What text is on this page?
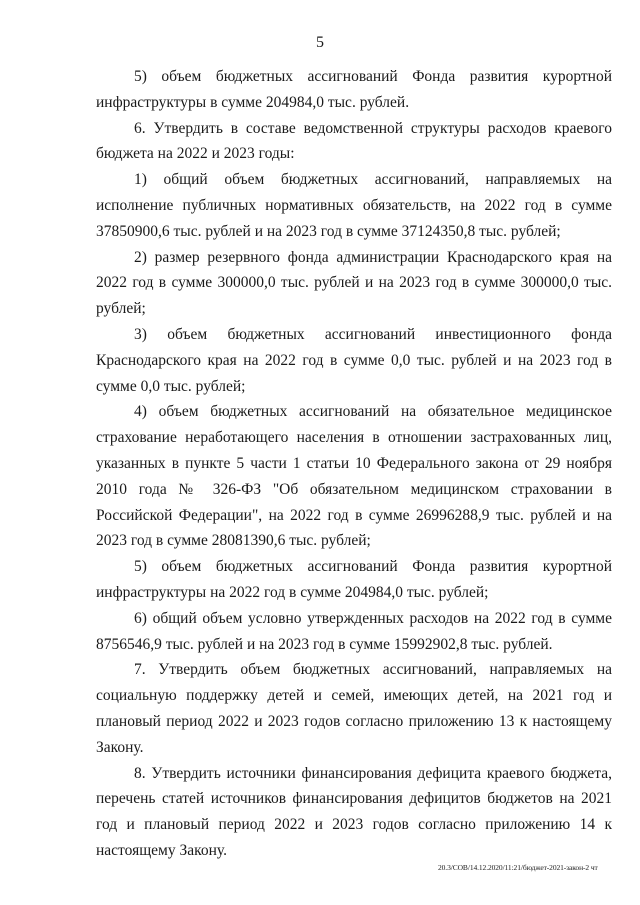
5

5) объем бюджетных ассигнований Фонда развития курортной инфраструктуры в сумме 204984,0 тыс. рублей.

6. Утвердить в составе ведомственной структуры расходов краевого бюджета на 2022 и 2023 годы:

1) общий объем бюджетных ассигнований, направляемых на исполнение публичных нормативных обязательств, на 2022 год в сумме 37850900,6 тыс. рублей и на 2023 год в сумме 37124350,8 тыс. рублей;

2) размер резервного фонда администрации Краснодарского края на 2022 год в сумме 300000,0 тыс. рублей и на 2023 год в сумме 300000,0 тыс. рублей;

3) объем бюджетных ассигнований инвестиционного фонда Краснодарского края на 2022 год в сумме 0,0 тыс. рублей и на 2023 год в сумме 0,0 тыс. рублей;

4) объем бюджетных ассигнований на обязательное медицинское страхование неработающего населения в отношении застрахованных лиц, указанных в пункте 5 части 1 статьи 10 Федерального закона от 29 ноября 2010 года № 326-ФЗ "Об обязательном медицинском страховании в Российской Федерации", на 2022 год в сумме 26996288,9 тыс. рублей и на 2023 год в сумме 28081390,6 тыс. рублей;

5) объем бюджетных ассигнований Фонда развития курортной инфраструктуры на 2022 год в сумме 204984,0 тыс. рублей;

6) общий объем условно утвержденных расходов на 2022 год в сумме 8756546,9 тыс. рублей и на 2023 год в сумме 15992902,8 тыс. рублей.

7. Утвердить объем бюджетных ассигнований, направляемых на социальную поддержку детей и семей, имеющих детей, на 2021 год и плановый период 2022 и 2023 годов согласно приложению 13 к настоящему Закону.

8. Утвердить источники финансирования дефицита краевого бюджета, перечень статей источников финансирования дефицитов бюджетов на 2021 год и плановый период 2022 и 2023 годов согласно приложению 14 к настоящему Закону.

20.3/СОВ/14.12.2020/11:21/бюджет-2021-закон-2 чт
